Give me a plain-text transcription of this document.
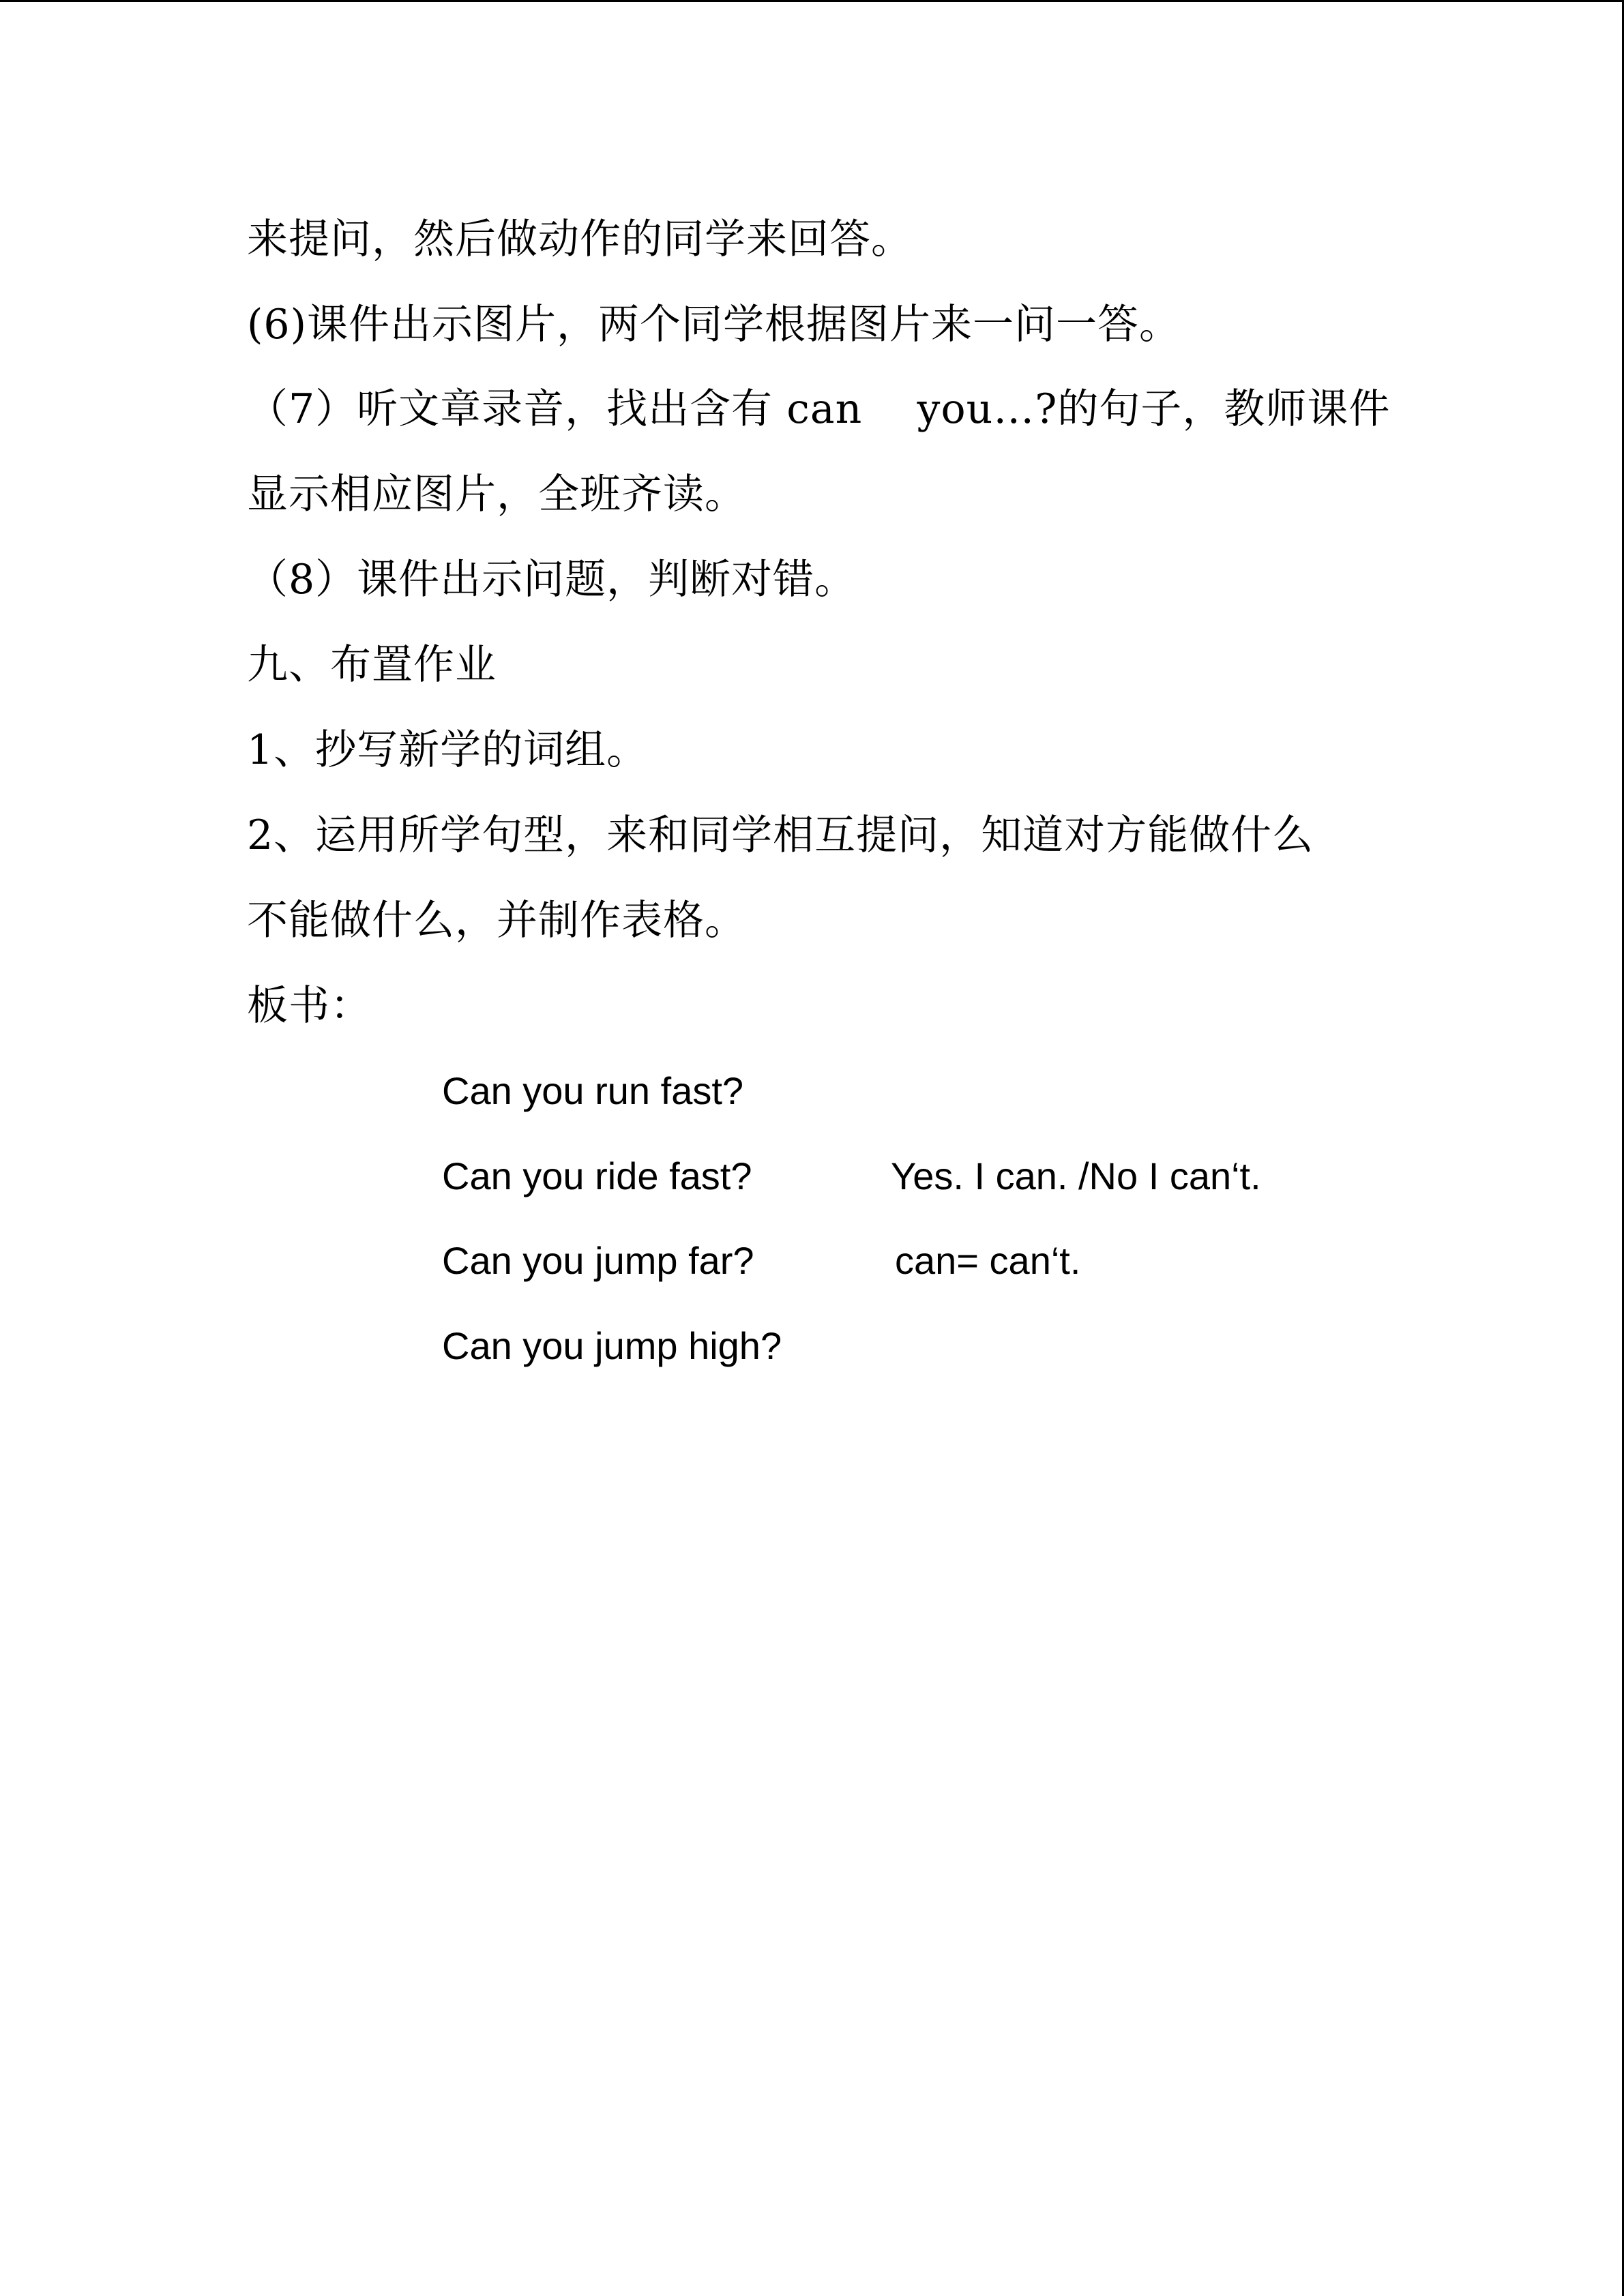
来提问，然后做动作的同学来回答。
(6)课件出示图片，两个同学根据图片来一问一答。
（7）听文章录音，找出含有 can    you…?的句子，教师课件
显示相应图片，全班齐读。
（8）课件出示问题，判断对错。
九、布置作业
1、抄写新学的词组。
2、运用所学句型，来和同学相互提问，知道对方能做什么
不能做什么，并制作表格。
板书：
Can you run fast?
Can you ride fast?	Yes. I can. /No I can‘t.
Can you jump far?	can= can‘t.
Can you jump high?
